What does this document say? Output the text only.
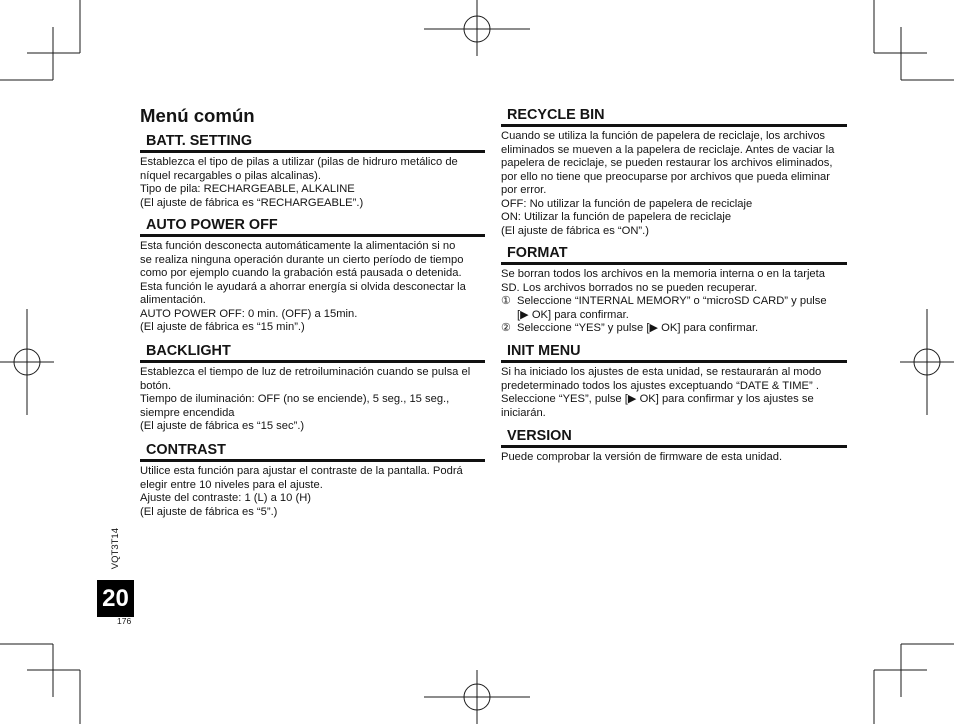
Menú común
BATT. SETTING
Establezca el tipo de pilas a utilizar (pilas de hidruro metálico de
níquel recargables o pilas alcalinas).
Tipo de pila: RECHARGEABLE, ALKALINE
(El ajuste de fábrica es “RECHARGEABLE”.)
AUTO POWER OFF
Esta función desconecta automáticamente la alimentación si no
se realiza ninguna operación durante un cierto período de tiempo
como por ejemplo cuando la grabación está pausada o detenida.
Esta función le ayudará a ahorrar energía si olvida desconectar la
alimentación.
AUTO POWER OFF: 0 min. (OFF) a 15min.
(El ajuste de fábrica es “15 min”.)
BACKLIGHT
Establezca el tiempo de luz de retroiluminación cuando se pulsa el
botón.
Tiempo de iluminación: OFF (no se enciende), 5 seg., 15 seg.,
siempre encendida
(El ajuste de fábrica es “15 sec”.)
CONTRAST
Utilice esta función para ajustar el contraste de la pantalla. Podrá
elegir entre 10 niveles para el ajuste.
Ajuste del contraste: 1 (L) a 10 (H)
(El ajuste de fábrica es “5”.)
RECYCLE BIN
Cuando se utiliza la función de papelera de reciclaje, los archivos
eliminados se mueven a la papelera de reciclaje. Antes de vaciar la
papelera de reciclaje, se pueden restaurar los archivos eliminados,
por ello no tiene que preocuparse por archivos que pueda eliminar
por error.
OFF: No utilizar la función de papelera de reciclaje
ON: Utilizar la función de papelera de reciclaje
(El ajuste de fábrica es “ON”.)
FORMAT
Se borran todos los archivos en la memoria interna o en la tarjeta
SD. Los archivos borrados no se pueden recuperar.
① Seleccione “INTERNAL MEMORY” o “microSD CARD” y pulse
[▶ OK] para confirmar.
② Seleccione “YES” y pulse [▶ OK] para confirmar.
INIT MENU
Si ha iniciado los ajustes de esta unidad, se restaurarán al modo
predeterminado todos los ajustes exceptuando “DATE & TIME” .
Seleccione “YES”, pulse [▶ OK] para confirmar y los ajustes se
iniciarán.
VERSION
Puede comprobar la versión de firmware de esta unidad.
VQT3T14
20
176
